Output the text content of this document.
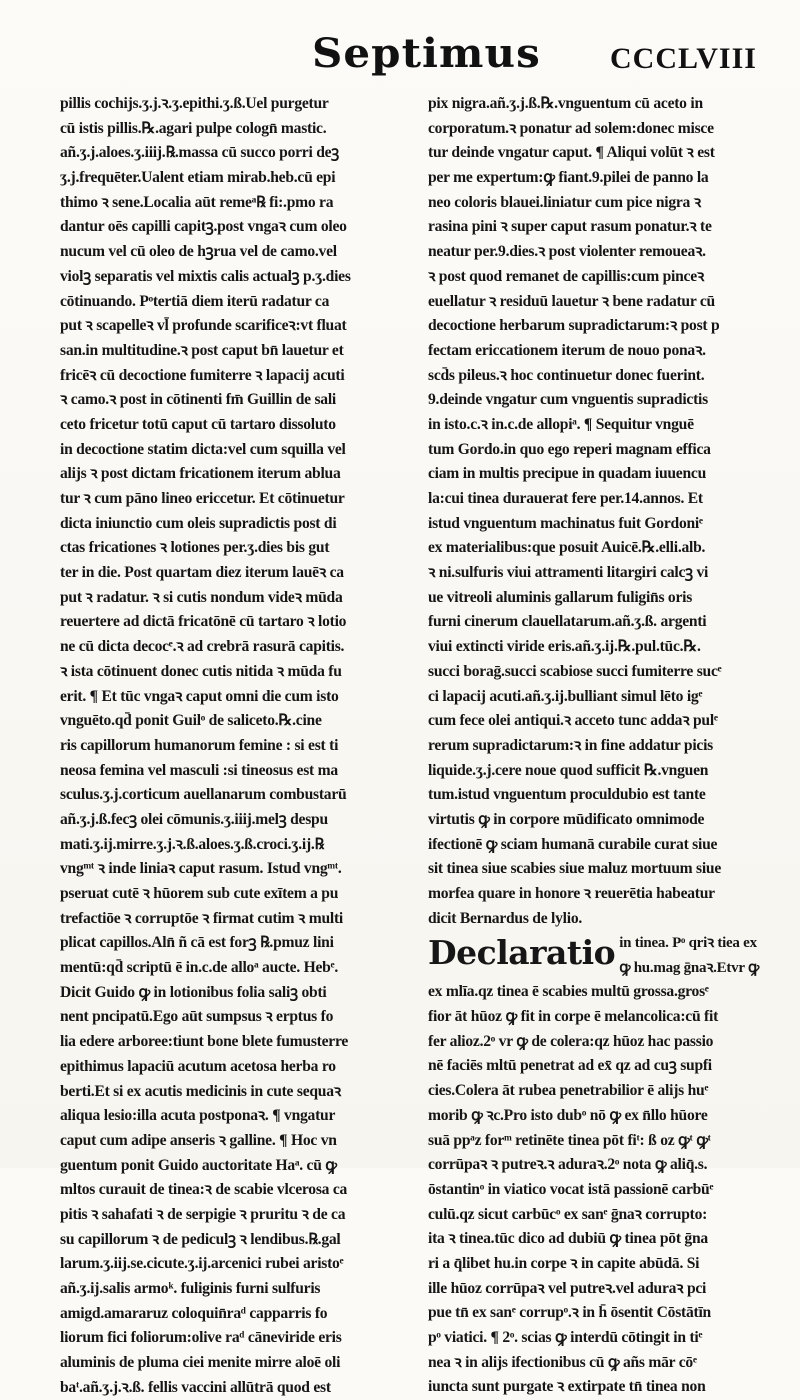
Septimus CCCLVIII
pillis cochijs.ʒ.j.ꝛ.ʒ.epithi.ʒ.ß.Uel purgetur
cū istis pillis.℞.agari pulpe cologn̄ mastic.
añ.ʒ.j.aloes.ʒ.iiij.℞.massa cū succo porri deꝫ
ʒ.j.frequēter.Ualent etiam mirab.heb.cū epi
thimo ꝛ sene.Localia aūt remeᵃ℞ fi:.pmo ra
dantur oēs capilli capitꝫ.post vngaꝛ cum oleo
nucum vel cū oleo de hꝫrua vel de camo.vel
violꝫ separatis vel mixtis calis actualꝫ p.ʒ.dies
cōtinuando. Pᵒtertiā diem iterū radatur ca
put ꝛ scapelleꝛ vl̄ profunde scarificeꝛ:vt fluat
san.in multitudine.ꝛ post caput bn̄ lauetur et
fricēꝛ cū decoctione fumiterre ꝛ lapacij acuti
ꝛ camo.ꝛ post in cōtinenti fm̄ Guillin de sali
ceto fricetur totū caput cū tartaro dissoluto
in decoctione statim dicta:vel cum squilla vel
alijs ꝛ post dictam fricationem iterum ablua
tur ꝛ cum pāno lineo ericcetur. Et cōtinuetur
dicta iniunctio cum oleis supradictis post di
ctas fricationes ꝛ lotiones per.ʒ.dies bis gut
ter in die. Post quartam diez iterum lauēꝛ ca
put ꝛ radatur. ꝛ si cutis nondum videꝛ mūda
reuertere ad dictā fricatōnē cū tartaro ꝛ lotio
ne cū dicta decocᵉ.ꝛ ad crebrā rasurā capitis.
ꝛ ista cōtinuent donec cutis nitida ꝛ mūda fu
erit. ¶ Et tūc vngaꝛ caput omni die cum isto
vnguēto.qd̄ ponit Guilᵒ de saliceto.℞.cine
ris capillorum humanorum femine : si est ti
neosa femina vel masculi :si tineosus est ma
sculus.ʒ.j.corticum auellanarum combustarū
añ.ʒ.j.ß.fecꝫ olei cōmunis.ʒ.iiij.melꝫ despu
mati.ʒ.ij.mirre.ʒ.j.ꝛ.ß.aloes.ʒ.ß.croci.ʒ.ij.℞
vngᵐᵗ ꝛ inde liniaꝛ caput rasum. Istud vngᵐᵗ.
pseruat cutē ꝛ hūorem sub cute exītem a pu
trefactiōe ꝛ corruptōe ꝛ firmat cutim ꝛ multi
plicat capillos.Aln̄ ñ cā est forꝫ ℞.pmuz lini
mentū:qd̄ scriptū ē in.c.de alloᵃ aucte. Hebᵉ.
Dicit Guido ꝙ in lotionibus folia saliꝫ obti
nent pncipatū.Ego aūt sumpsus ꝛ erptus fo
lia edere arboree:tiunt bone blete fumusterre
epithimus lapaciū acutum acetosa herba ro
berti.Et si ex acutis medicinis in cute sequaꝛ
aliqua lesio:illa acuta postponaꝛ. ¶ vngatur
caput cum adipe anseris ꝛ galline. ¶ Hoc vn
guentum ponit Guido auctoritate Haᵃ. cū ꝙ
mltos curauit de tinea:ꝛ de scabie vlcerosa ca
pitis ꝛ sahafati ꝛ de serpigie ꝛ pruritu ꝛ de ca
su capillorum ꝛ de pediculꝫ ꝛ lendibus.℞.gal
larum.ʒ.iij.se.cicute.ʒ.ij.arcenici rubei aristoᵉ
añ.ʒ.ij.salis armoᵏ. fuliginis furni sulfuris
amigd.amararuz coloquin̄raᵈ capparris fo
liorum fici foliorum:olive raᵈ cāneviride eris
aluminis de pluma ciei menite mirre aloē oli
baᵗ.añ.ʒ.j.ꝛ.ß. fellis vaccini allūtrā quod est
pix nigra.añ.ʒ.j.ß.℞.vnguentum cū aceto in
corporatum.ꝛ ponatur ad solem:donec misce
tur deinde vngatur caput. ¶ Aliqui volūt ꝛ est
per me expertum:ꝙ fiant.9.pilei de panno la
neo coloris blauei.liniatur cum pice nigra ꝛ
rasina pini ꝛ super caput rasum ponatur.ꝛ te
neatur per.9.dies.ꝛ post violenter remoueaꝛ.
ꝛ post quod remanet de capillis:cum pinceꝛ
euellatur ꝛ residuū lauetur ꝛ bene radatur cū
decoctione herbarum supradictarum:ꝛ post p
fectam ericcationem iterum de nouo ponaꝛ.
scd̄s pileus.ꝛ hoc continuetur donec fuerint.
9.deinde vngatur cum vnguentis supradictis
in isto.c.ꝛ in.c.de allopiᵃ. ¶ Sequitur vnguē
tum Gordo.in quo ego reperi magnam effica
ciam in multis precipue in quadam iuuencu
la:cui tinea durauerat fere per.14.annos. Et
istud vnguentum machinatus fuit Gordoniᵉ
ex materialibus:que posuit Auicē.℞.elli.alb.
ꝛ ni.sulfuris viui attramenti litargiri calcꝫ vi
ue vitreoli aluminis gallarum fuligin̄s oris
furni cinerum clauellatarum.añ.ʒ.ß. argenti
viui extincti viride eris.añ.ʒ.ij.℞.pul.tūc.℞.
succi boraḡ.succi scabiose succi fumiterre sucᵉ
ci lapacij acuti.añ.ʒ.ij.bulliant simul lēto igᵉ
cum fece olei antiqui.ꝛ acceto tunc addaꝛ pulᵉ
rerum supradictarum:ꝛ in fine addatur picis
liquide.ʒ.j.cere noue quod sufficit ℞.vnguen
tum.istud vnguentum proculdubio est tante
virtutis ꝙ in corpore mūdificato omnimode
ifectionē ꝙ sciam humanā curabile curat siue
sit tinea siue scabies siue maluz mortuum siue
morfea quare in honore ꝛ reuerētia habeatur
dicit Bernardus de lylio.
Declaratio in tinea. Pᵒ qriꝛ tiea ex
ꝙ hu.mag ḡnaꝛ.Etvr ꝙ
ex mlīa.qz tinea ē scabies multū grossa.grosᵉ
fior āt hūoz ꝙ fit in corpe ē melancolica:cū fit
fer alioz.2ᵒ vr ꝙ de colera:qz hūoz hac passio
nē faciēs mltū penetrat ad ex̄ qz ad cuꝫ supfi
cies.Colera āt rubea penetrabilior ē alijs huᵉ
morib ꝙ ꝛc.Pro isto dubᵒ nō ꝙ ex n̄llo hūore
suā ppᵃz forᵐ retinēte tinea pōt fiᵗ: ß oz ꝙᵗ ꝙᵗ
corrūpaꝛ ꝛ putreꝛ.ꝛ aduraꝛ.2ᵒ nota ꝙ aliq̄.s.
ōstantinᵒ in viatico vocat istā passionē carbūᵉ
culū.qz sicut carbūcᵒ ex sanᵉ ḡnaꝛ corrupto:
ita ꝛ tinea.tūc dico ad dubiū ꝙ tinea pōt ḡna
ri a q̄libet hu.in corpe ꝛ in capite abūdā. Si
ille hūoz corrūpaꝛ vel putreꝛ.vel aduraꝛ pci
pue tn̄ ex sanᵉ corrupᵒ.ꝛ in h̄ ōsentit Cōstātīn
pᵒ viatici. ¶ 2ᵒ. scias ꝙ interdū cōtingit in tiᵉ
nea ꝛ in alijs ifectionibus cū ꝙ añs mār cōᵉ
iuncta sunt purgate ꝛ extirpate tn̄ tinea non
